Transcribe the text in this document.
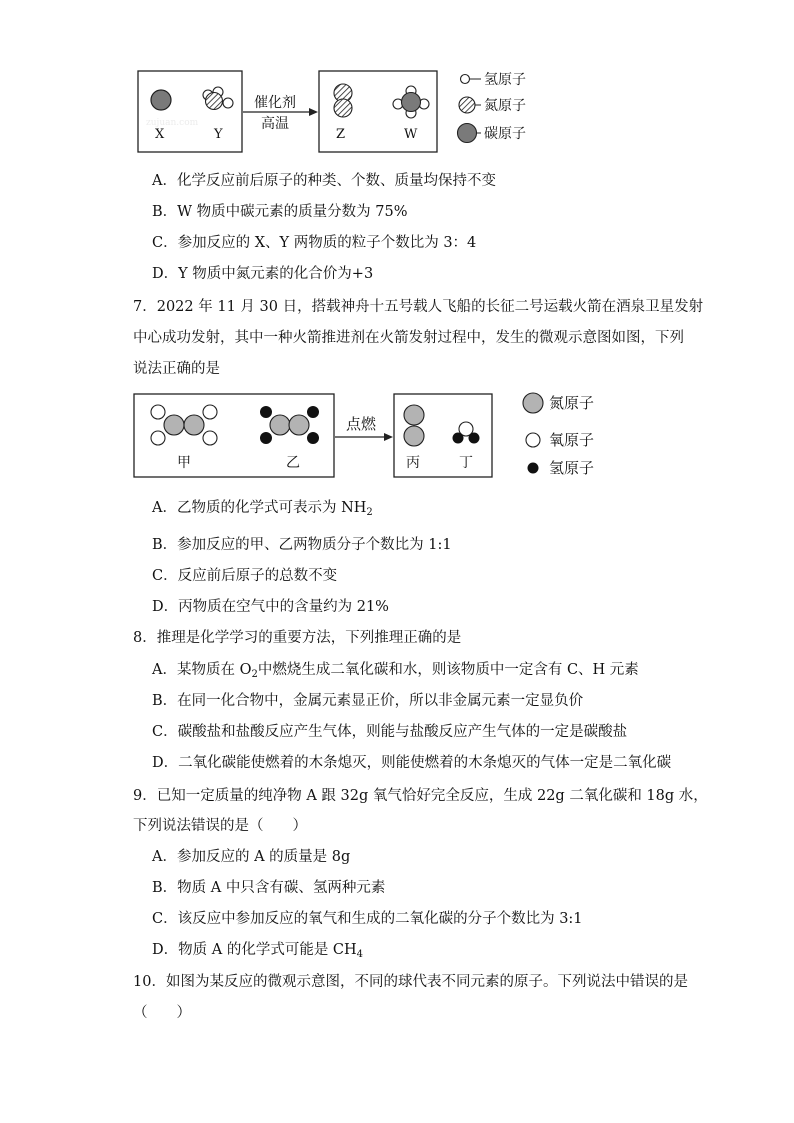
zujuan.com
X	Y
催化剂
高温
Z	W
氢原子
氮原子
碳原子
A．化学反应前后原子的种类、个数、质量均保持不变
B．W 物质中碳元素的质量分数为 75%
C．参加反应的 X、Y 两物质的粒子个数比为 3：4
D．Y 物质中氮元素的化合价为+3
7．2022 年 11 月 30 日，搭载神舟十五号载人飞船的长征二号运载火箭在酒泉卫星发射
中心成功发射，其中一种火箭推进剂在火箭发射过程中，发生的微观示意图如图，下列
说法正确的是
甲	乙
点燃
丙	丁
氮原子
氧原子
氢原子
A．乙物质的化学式可表示为 $NH_2$
B．参加反应的甲、乙两物质分子个数比为 1:1
C．反应前后原子的总数不变
D．丙物质在空气中的含量约为 21%
8．推理是化学学习的重要方法，下列推理正确的是
A．某物质在 $O_2$中燃烧生成二氧化碳和水，则该物质中一定含有 C、H 元素
B．在同一化合物中，金属元素显正价，所以非金属元素一定显负价
C．碳酸盐和盐酸反应产生气体，则能与盐酸反应产生气体的一定是碳酸盐
D．二氧化碳能使燃着的木条熄灭，则能使燃着的木条熄灭的气体一定是二氧化碳
9．已知一定质量的纯净物 A 跟 32g 氧气恰好完全反应，生成 22g 二氧化碳和 18g 水，
下列说法错误的是（　　）
A．参加反应的 A 的质量是 8g
B．物质 A 中只含有碳、氢两种元素
C．该反应中参加反应的氧气和生成的二氧化碳的分子个数比为 3:1
D．物质 A 的化学式可能是 $CH_4$
10．如图为某反应的微观示意图，不同的球代表不同元素的原子。下列说法中错误的是
（　　）
